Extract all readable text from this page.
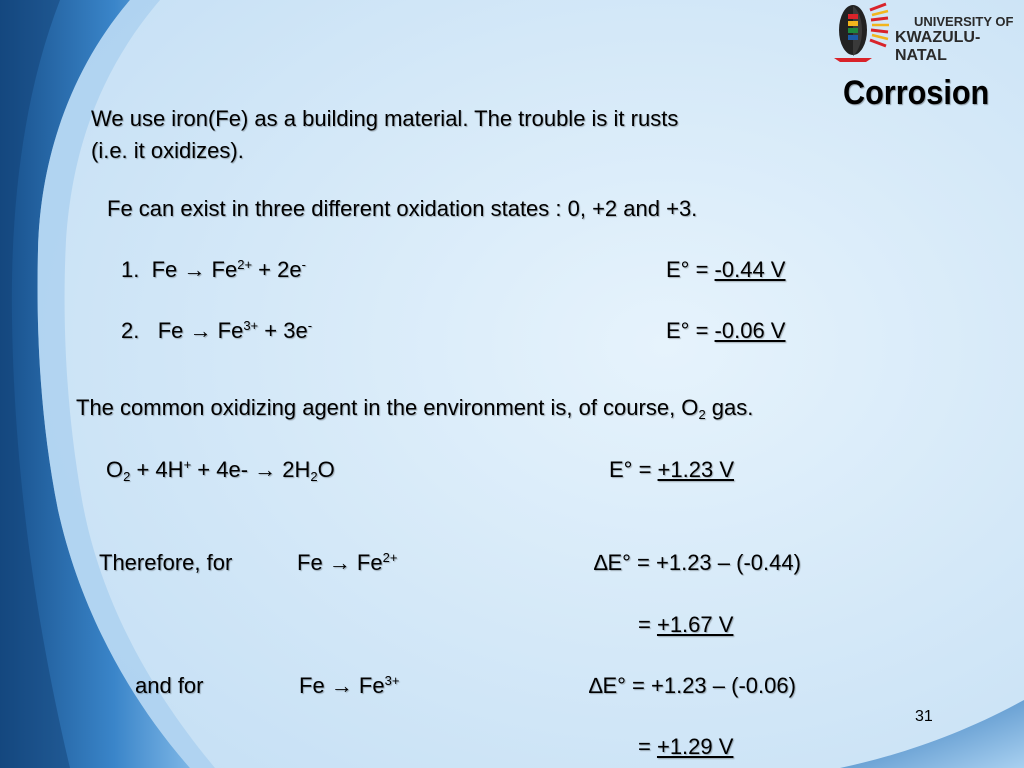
UNIVERSITY OF
KWAZULU-NATAL
Corrosion
We use iron(Fe) as a building material. The trouble is it rusts
(i.e. it oxidizes).
Fe can exist in three different oxidation states : 0, +2 and +3.
1. $Fe \to Fe^{2+} + 2e^-$	E° = -0.44 V
2. $Fe \to Fe^{3+} + 3e^-$	E° = -0.06 V
The common oxidizing agent in the environment is, of course, $O_2$ gas.
$O_2 + 4H^+ + 4e- \to 2H_2O$	E° = +1.23 V
Therefore, for	$Fe \to Fe^{2+}$	∆E° = +1.23 – (-0.44)
= +1.67 V
and for	$Fe \to Fe^{3+}$	∆E° = +1.23 – (-0.06)
= +1.29 V
31
